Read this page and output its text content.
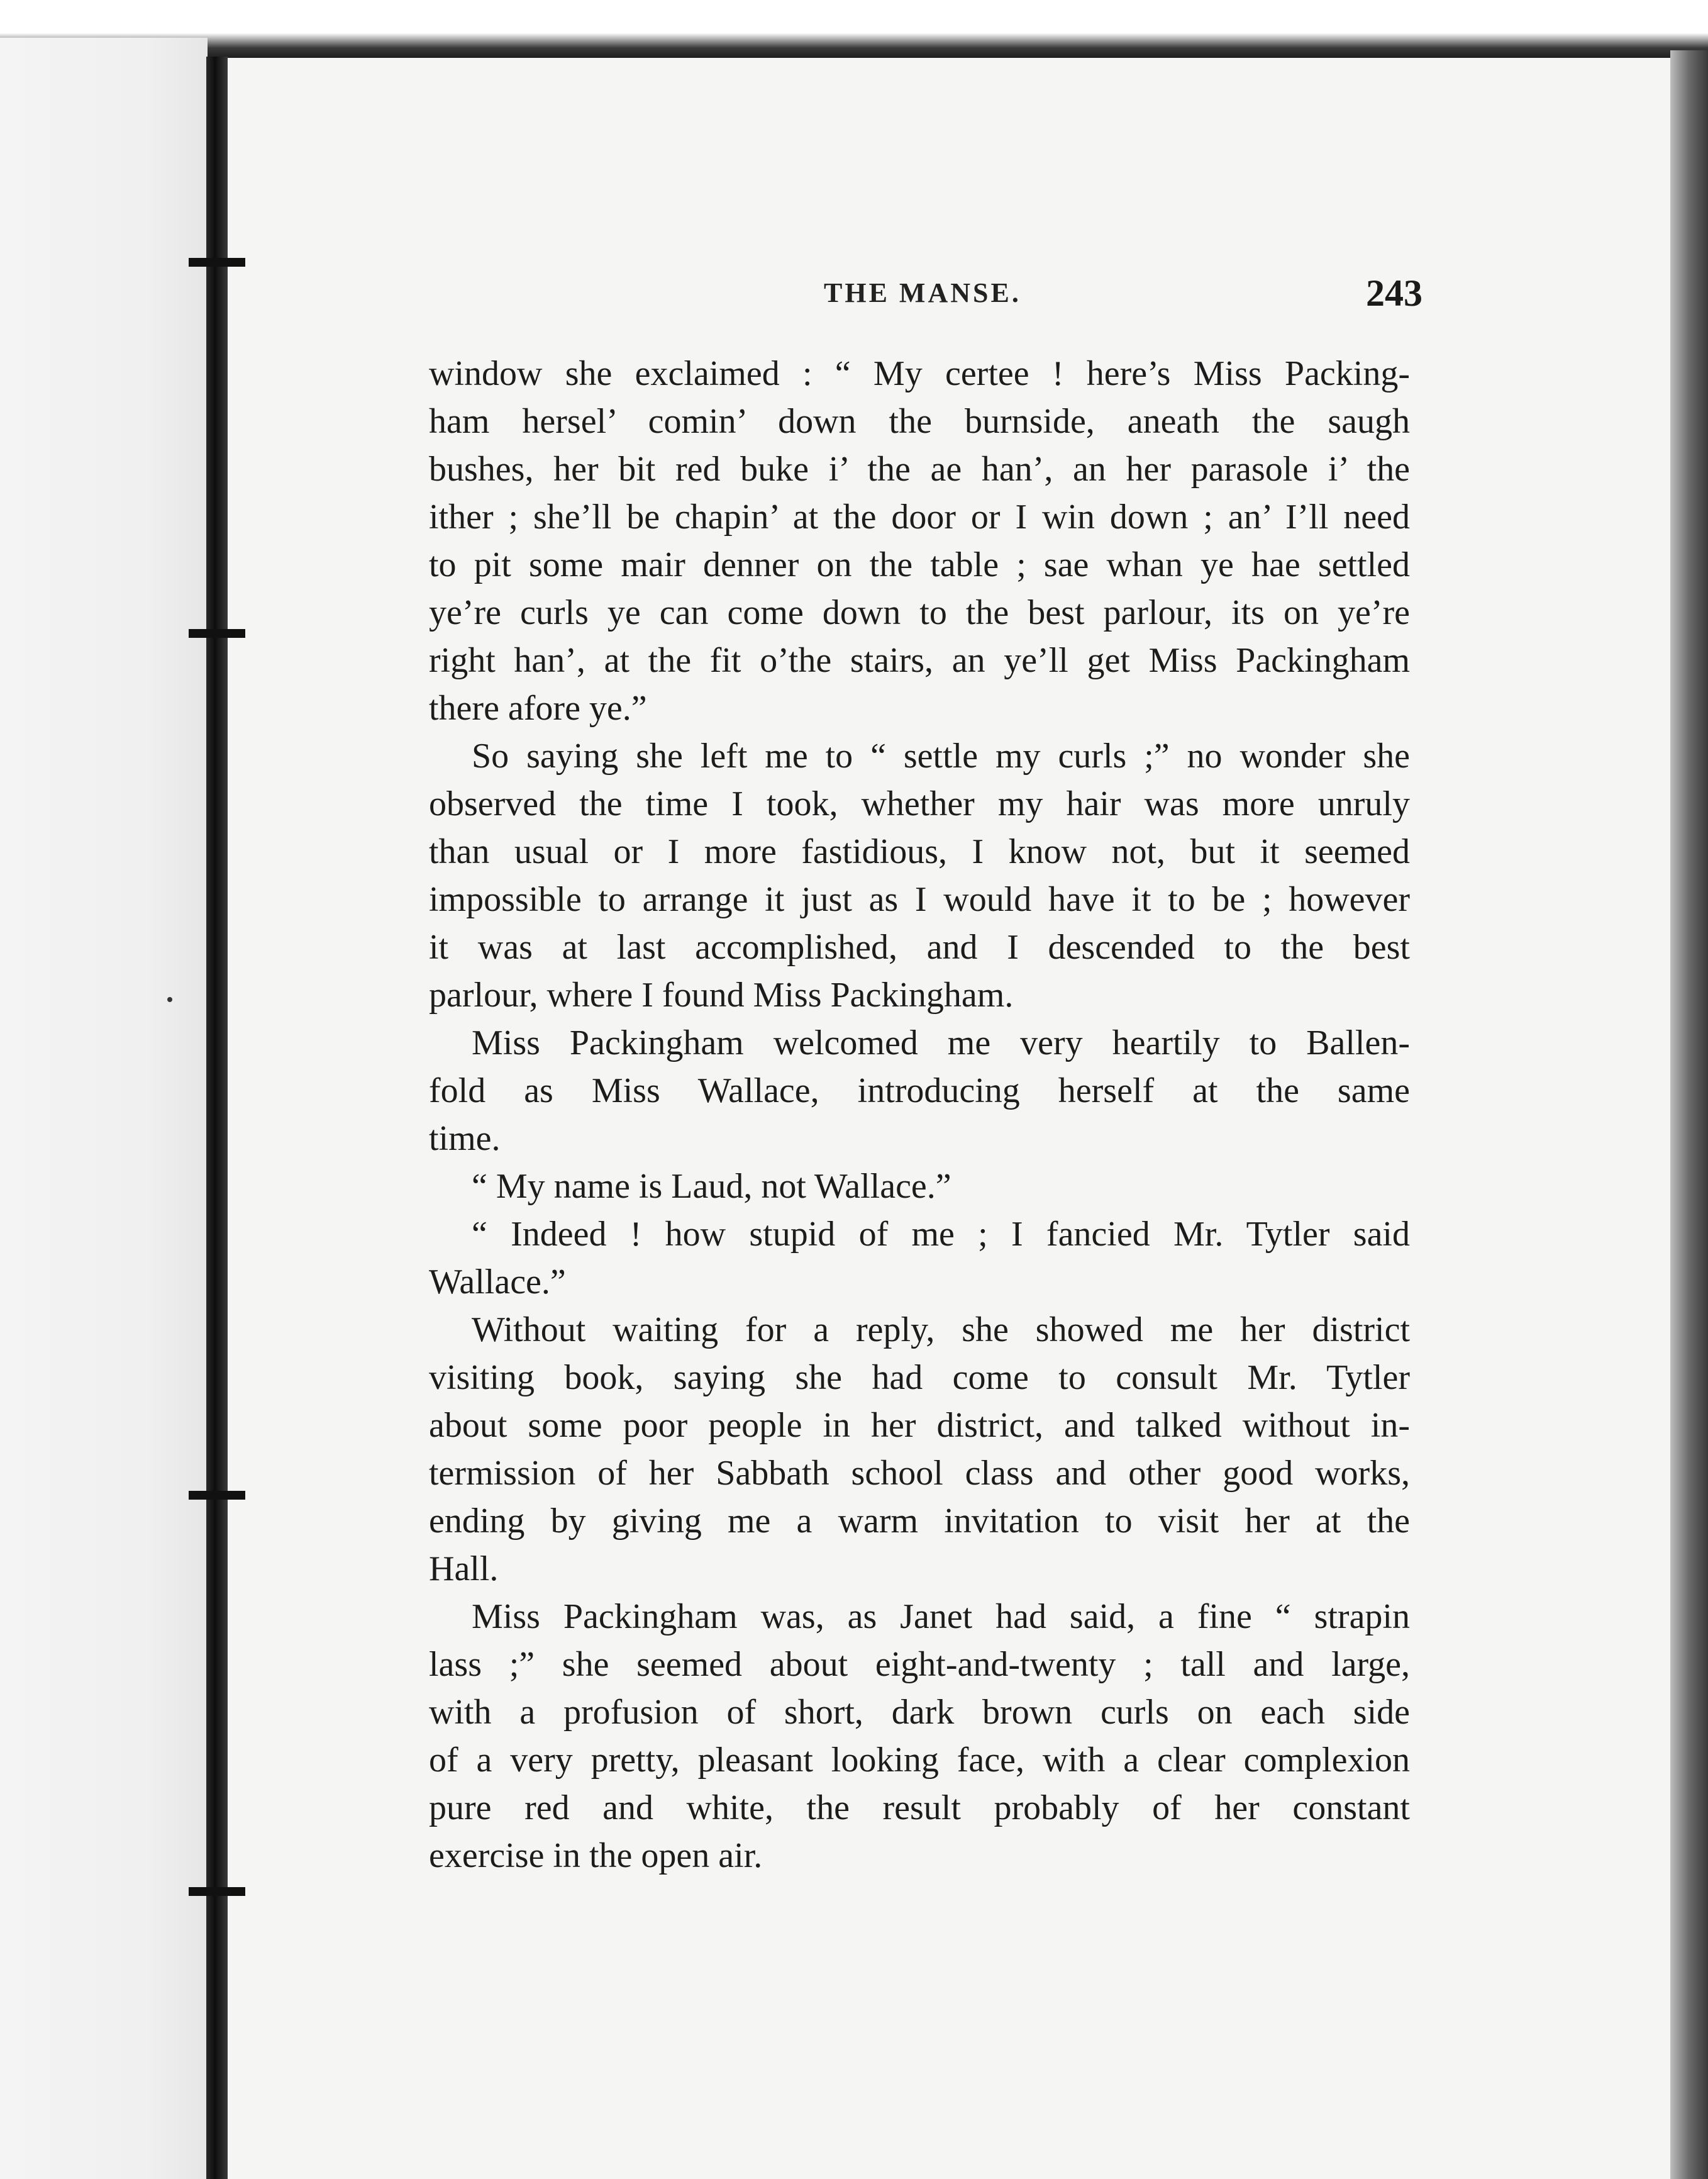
THE MANSE.	243
window she exclaimed : “ My certee ! here’s Miss Packing-
ham hersel’ comin’ down the burnside, aneath the saugh
bushes, her bit red buke i’ the ae han’, an her parasole i’ the
ither ; she’ll be chapin’ at the door or I win down ; an’ I’ll need
to pit some mair denner on the table ; sae whan ye hae settled
ye’re curls ye can come down to the best parlour, its on ye’re
right han’, at the fit o’the stairs, an ye’ll get Miss Packingham
there afore ye.”
So saying she left me to “ settle my curls ;” no wonder she
observed the time I took, whether my hair was more unruly
than usual or I more fastidious, I know not, but it seemed
impossible to arrange it just as I would have it to be ; however
it was at last accomplished, and I descended to the best
parlour, where I found Miss Packingham.
Miss Packingham welcomed me very heartily to Ballen-
fold as Miss Wallace, introducing herself at the same
time.
“ My name is Laud, not Wallace.”
“ Indeed ! how stupid of me ; I fancied Mr. Tytler said
Wallace.”
Without waiting for a reply, she showed me her district
visiting book, saying she had come to consult Mr. Tytler
about some poor people in her district, and talked without in-
termission of her Sabbath school class and other good works,
ending by giving me a warm invitation to visit her at the
Hall.
Miss Packingham was, as Janet had said, a fine “ strapin
lass ;” she seemed about eight-and-twenty ; tall and large,
with a profusion of short, dark brown curls on each side
of a very pretty, pleasant looking face, with a clear complexion
pure red and white, the result probably of her constant
exercise in the open air.
